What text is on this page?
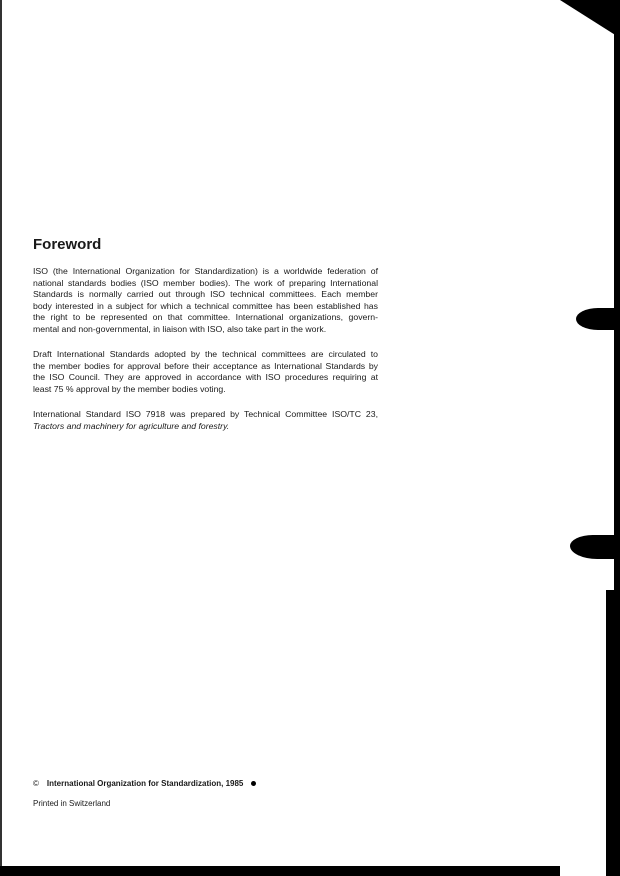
Foreword
ISO (the International Organization for Standardization) is a worldwide federation of
national standards bodies (ISO member bodies). The work of preparing International
Standards is normally carried out through ISO technical committees. Each member
body interested in a subject for which a technical committee has been established has
the right to be represented on that committee. International organizations, govern-
mental and non-governmental, in liaison with ISO, also take part in the work.
Draft International Standards adopted by the technical committees are circulated to
the member bodies for approval before their acceptance as International Standards by
the ISO Council. They are approved in accordance with ISO procedures requiring at
least 75 % approval by the member bodies voting.
International Standard ISO 7918 was prepared by Technical Committee ISO/TC 23,
Tractors and machinery for agriculture and forestry.
© International Organization for Standardization, 1985
Printed in Switzerland
